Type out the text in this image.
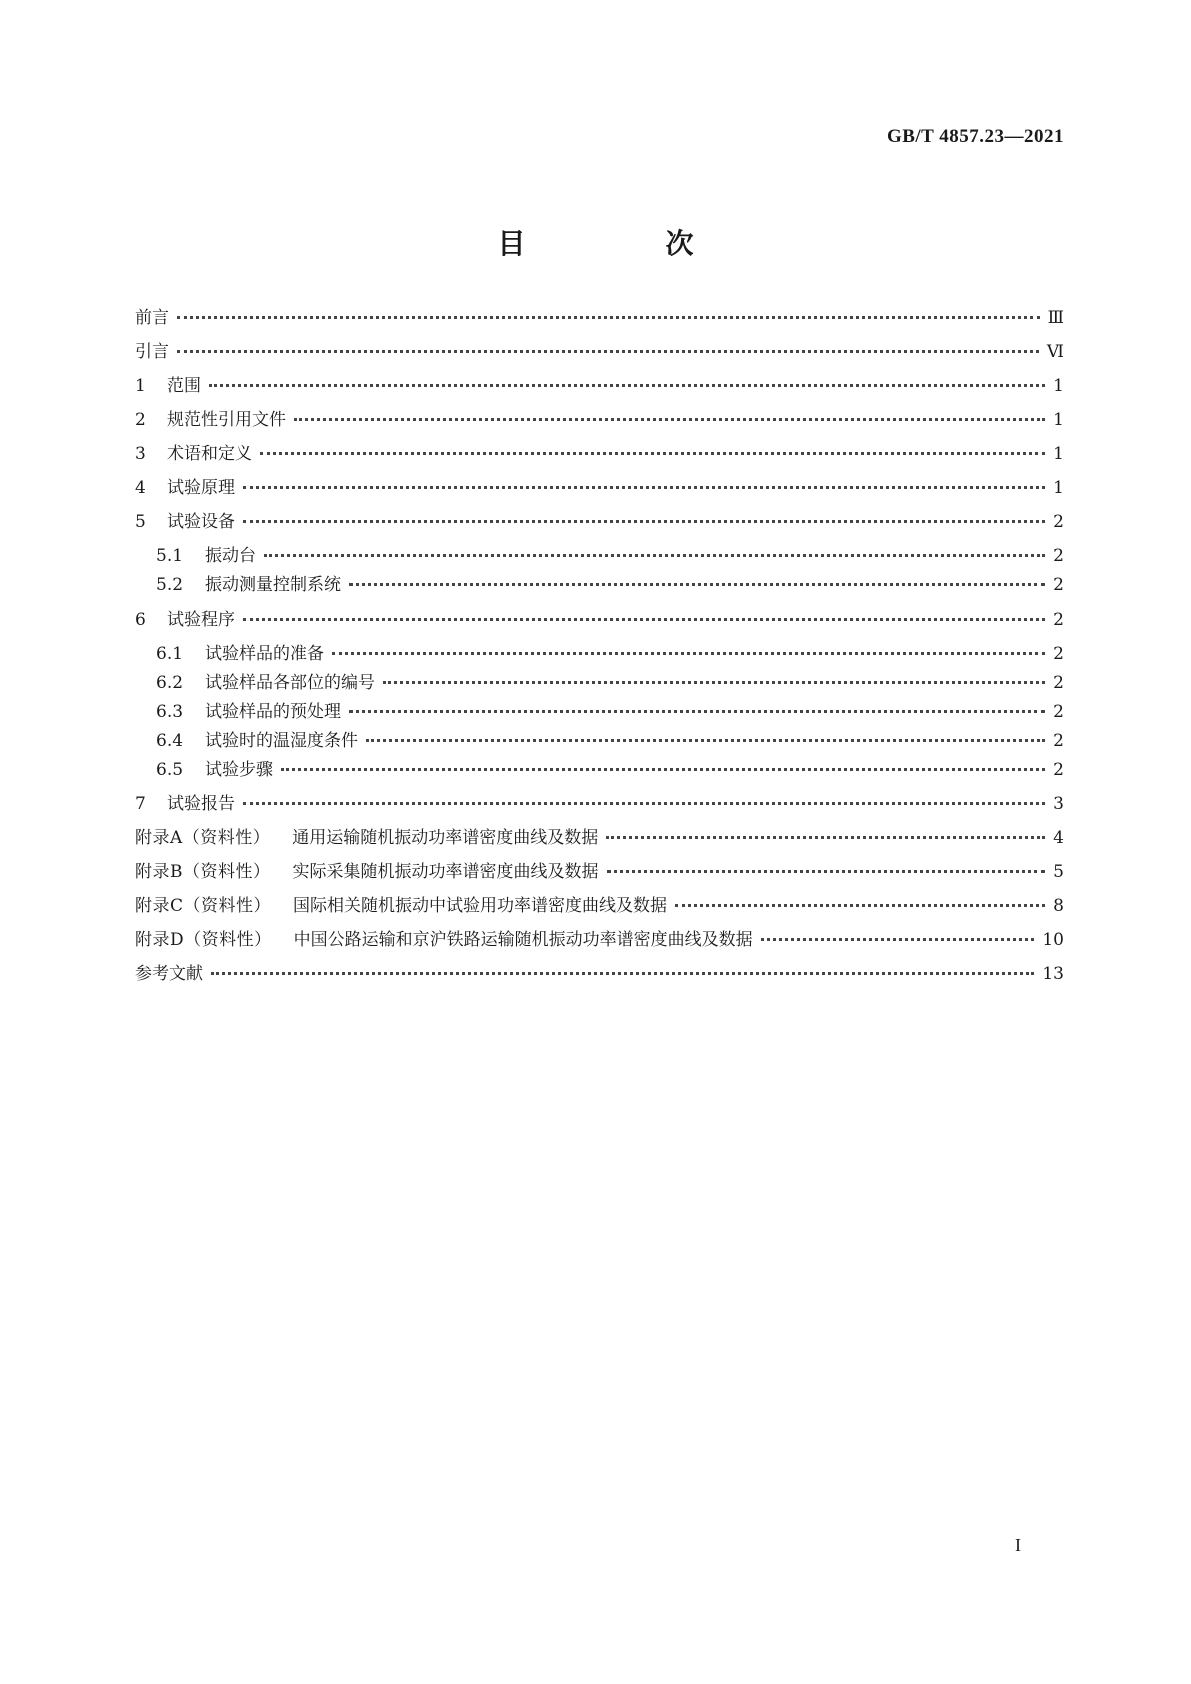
GB/T 4857.23—2021
目　次
前言	Ⅲ
引言	Ⅵ
1	范围	1
2	规范性引用文件	1
3	术语和定义	1
4	试验原理	1
5	试验设备	2
5.1	振动台	2
5.2	振动测量控制系统	2
6	试验程序	2
6.1	试验样品的准备	2
6.2	试验样品各部位的编号	2
6.3	试验样品的预处理	2
6.4	试验时的温湿度条件	2
6.5	试验步骤	2
7	试验报告	3
附录A（资料性） 通用运输随机振动功率谱密度曲线及数据	4
附录B（资料性） 实际采集随机振动功率谱密度曲线及数据	5
附录C（资料性） 国际相关随机振动中试验用功率谱密度曲线及数据	8
附录D（资料性） 中国公路运输和京沪铁路运输随机振动功率谱密度曲线及数据	10
参考文献	13
I
